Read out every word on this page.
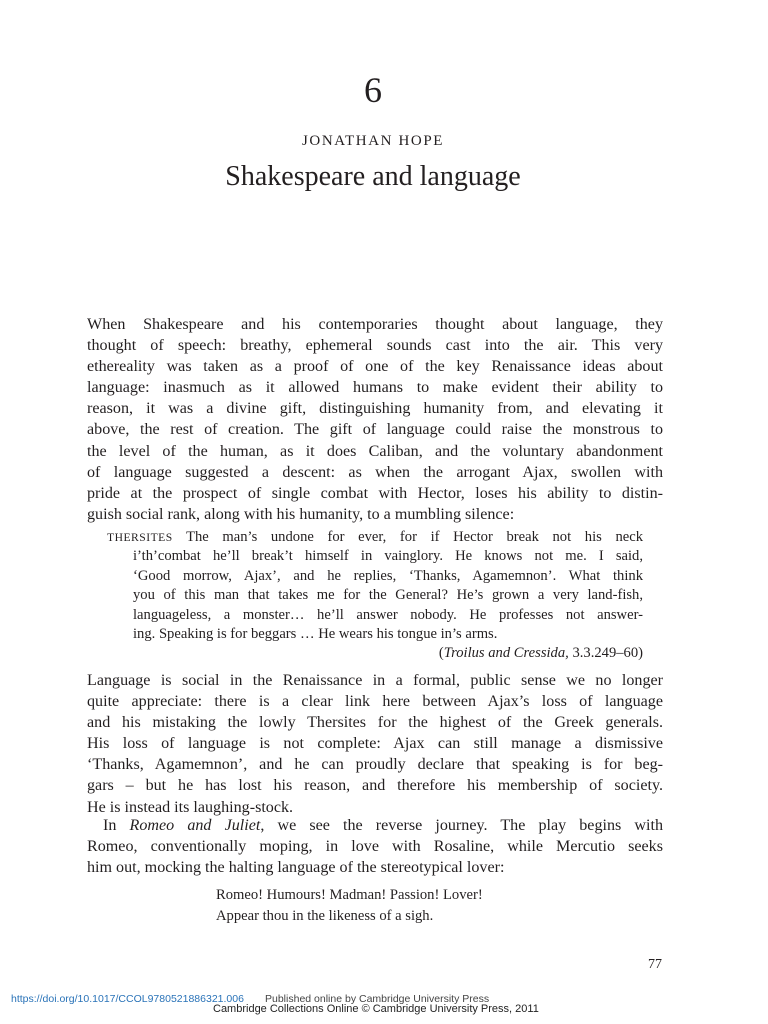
6
JONATHAN HOPE
Shakespeare and language
When Shakespeare and his contemporaries thought about language, they
thought of speech: breathy, ephemeral sounds cast into the air. This very
ethereality was taken as a proof of one of the key Renaissance ideas about
language: inasmuch as it allowed humans to make evident their ability to
reason, it was a divine gift, distinguishing humanity from, and elevating it
above, the rest of creation. The gift of language could raise the monstrous to
the level of the human, as it does Caliban, and the voluntary abandonment
of language suggested a descent: as when the arrogant Ajax, swollen with
pride at the prospect of single combat with Hector, loses his ability to distin-
guish social rank, along with his humanity, to a mumbling silence:
THERSITES The man’s undone for ever, for if Hector break not his neck
i’th’combat he’ll break’t himself in vainglory. He knows not me. I said,
‘Good morrow, Ajax’, and he replies, ‘Thanks, Agamemnon’. What think
you of this man that takes me for the General? He’s grown a very land-fish,
languageless, a monster… he’ll answer nobody. He professes not answer-
ing. Speaking is for beggars … He wears his tongue in’s arms.
(Troilus and Cressida, 3.3.249–60)
Language is social in the Renaissance in a formal, public sense we no longer
quite appreciate: there is a clear link here between Ajax’s loss of language
and his mistaking the lowly Thersites for the highest of the Greek generals.
His loss of language is not complete: Ajax can still manage a dismissive
‘Thanks, Agamemnon’, and he can proudly declare that speaking is for beg-
gars – but he has lost his reason, and therefore his membership of society.
He is instead its laughing-stock.
In Romeo and Juliet, we see the reverse journey. The play begins with
Romeo, conventionally moping, in love with Rosaline, while Mercutio seeks
him out, mocking the halting language of the stereotypical lover:
Romeo! Humours! Madman! Passion! Lover!
Appear thou in the likeness of a sigh.
77
https://doi.org/10.1017/CCOL9780521886321.006 Published online by Cambridge University Press
Cambridge Collections Online © Cambridge University Press, 2011
